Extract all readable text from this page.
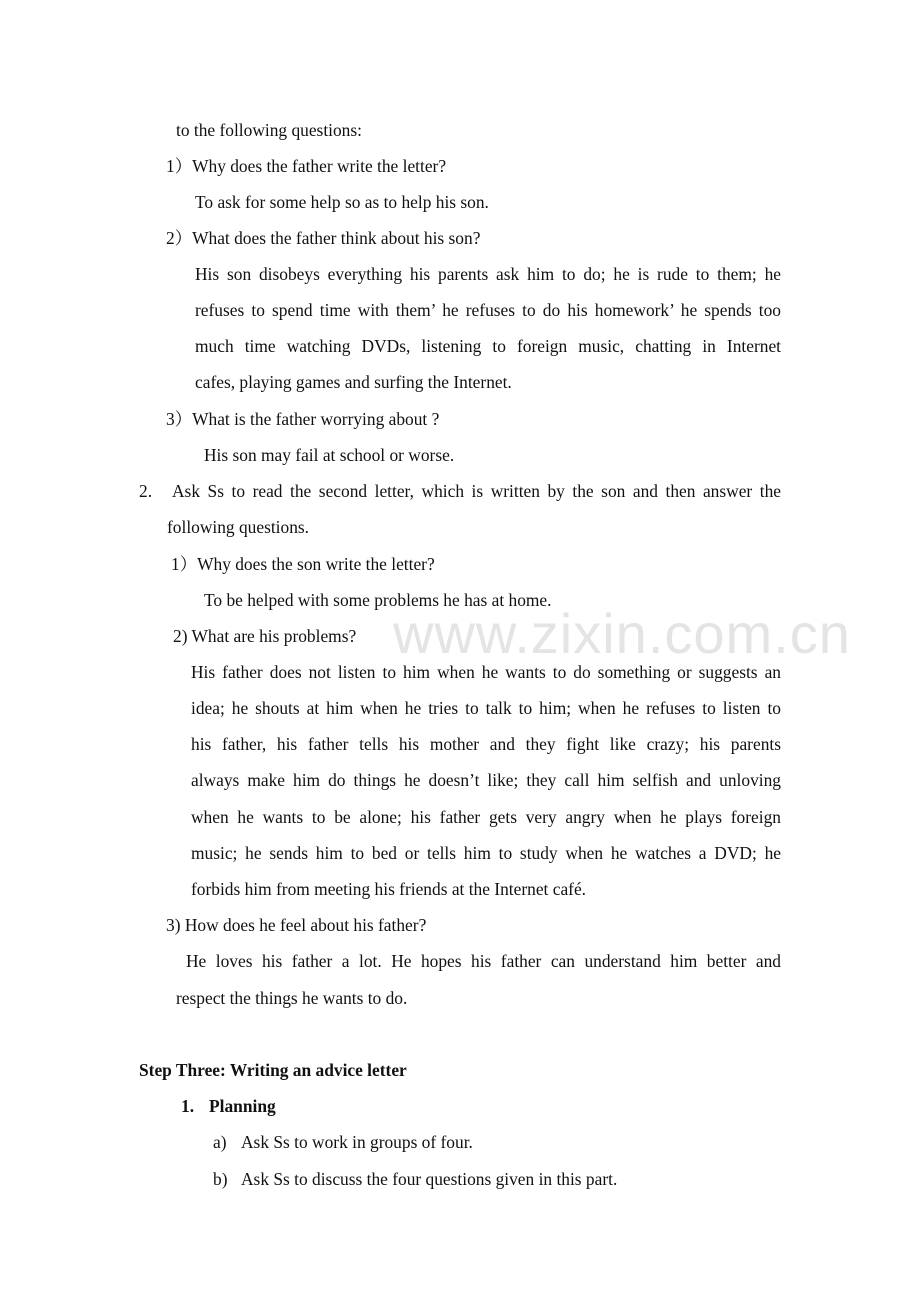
www.zixin.com.cn
to the following questions:
1）Why does the father write the letter?
To ask for some help so as to help his son.
2）What does the father think about his son?
His son disobeys everything his parents ask him to do; he is rude to them; he
refuses to spend time with them’ he refuses to do his homework’ he spends too
much time watching DVDs, listening to foreign music, chatting in Internet
cafes, playing games and surfing the Internet.
3）What is the father worrying about ?
His son may fail at school or worse.
2. Ask Ss to read the second letter, which is written by the son and then answer the
following questions.
1）Why does the son write the letter?
To be helped with some problems he has at home.
2) What are his problems?
His father does not listen to him when he wants to do something or suggests an
idea; he shouts at him when he tries to talk to him; when he refuses to listen to
his father, his father tells his mother and they fight like crazy; his parents
always make him do things he doesn’t like; they call him selfish and unloving
when he wants to be alone; his father gets very angry when he plays foreign
music; he sends him to bed or tells him to study when he watches a DVD; he
forbids him from meeting his friends at the Internet café.
3) How does he feel about his father?
He loves his father a lot. He hopes his father can understand him better and
respect the things he wants to do.
Step Three: Writing an advice letter
1. Planning
a) Ask Ss to work in groups of four.
b) Ask Ss to discuss the four questions given in this part.
